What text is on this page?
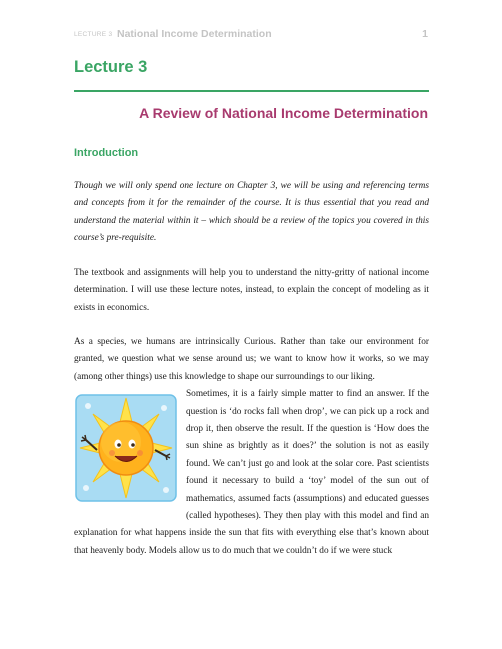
LECTURE 3 National Income Determination	1
Lecture 3
A Review of National Income Determination
Introduction

Though we will only spend one lecture on Chapter 3, we will be using and referencing terms and concepts from it for the remainder of the course. It is thus essential that you read and understand the material within it – which should be a review of the topics you covered in this course’s pre-requisite.

The textbook and assignments will help you to understand the nitty-gritty of national income determination. I will use these lecture notes, instead, to explain the concept of modeling as it exists in economics.

As a species, we humans are intrinsically Curious. Rather than take our environment for granted, we question what we sense around us; we want to know how it works, so we may (among other things) use this knowledge to shape our surroundings to our liking.

Sometimes, it is a fairly simple matter to find an answer. If the question is ‘do rocks fall when drop’, we can pick up a rock and drop it, then observe the result. If the question is ‘How does the sun shine as brightly as it does?’ the solution is not as easily found. We can’t just go and look at the solar core. Past scientists found it necessary to build a ‘toy’ model of the sun out of mathematics, assumed facts (assumptions) and educated guesses (called hypotheses). They then play with this model and find an explanation for what happens inside the sun that fits with everything else that’s known about that heavenly body. Models allow us to do much that we couldn’t do if we were stuck
